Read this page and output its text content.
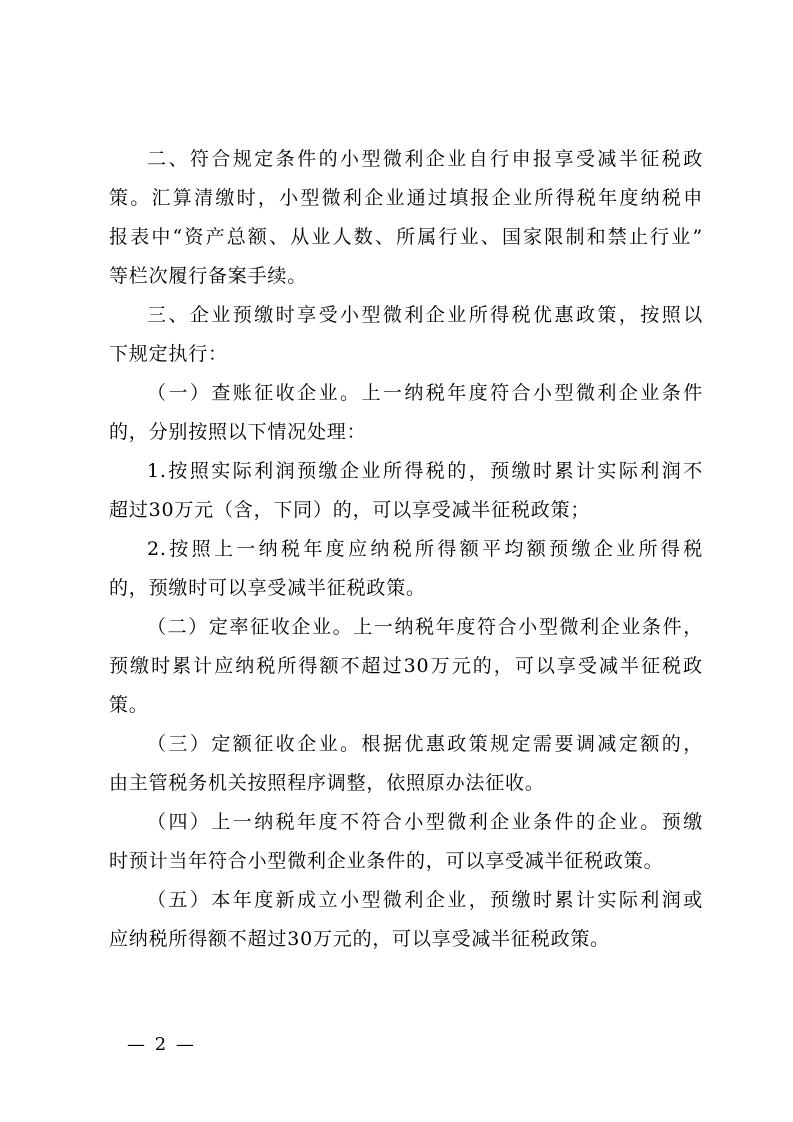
二、符合规定条件的小型微利企业自行申报享受减半征税政
策。汇算清缴时，小型微利企业通过填报企业所得税年度纳税申
报表中“资产总额、从业人数、所属行业、国家限制和禁止行业”
等栏次履行备案手续。
三、企业预缴时享受小型微利企业所得税优惠政策，按照以
下规定执行：
（一）查账征收企业。上一纳税年度符合小型微利企业条件
的，分别按照以下情况处理：
1.按照实际利润预缴企业所得税的，预缴时累计实际利润不
超过30万元（含，下同）的，可以享受减半征税政策；
2.按照上一纳税年度应纳税所得额平均额预缴企业所得税
的，预缴时可以享受减半征税政策。
（二）定率征收企业。上一纳税年度符合小型微利企业条件，
预缴时累计应纳税所得额不超过30万元的，可以享受减半征税政
策。
（三）定额征收企业。根据优惠政策规定需要调减定额的，
由主管税务机关按照程序调整，依照原办法征收。
（四）上一纳税年度不符合小型微利企业条件的企业。预缴
时预计当年符合小型微利企业条件的，可以享受减半征税政策。
（五）本年度新成立小型微利企业，预缴时累计实际利润或
应纳税所得额不超过30万元的，可以享受减半征税政策。
— 2 —
